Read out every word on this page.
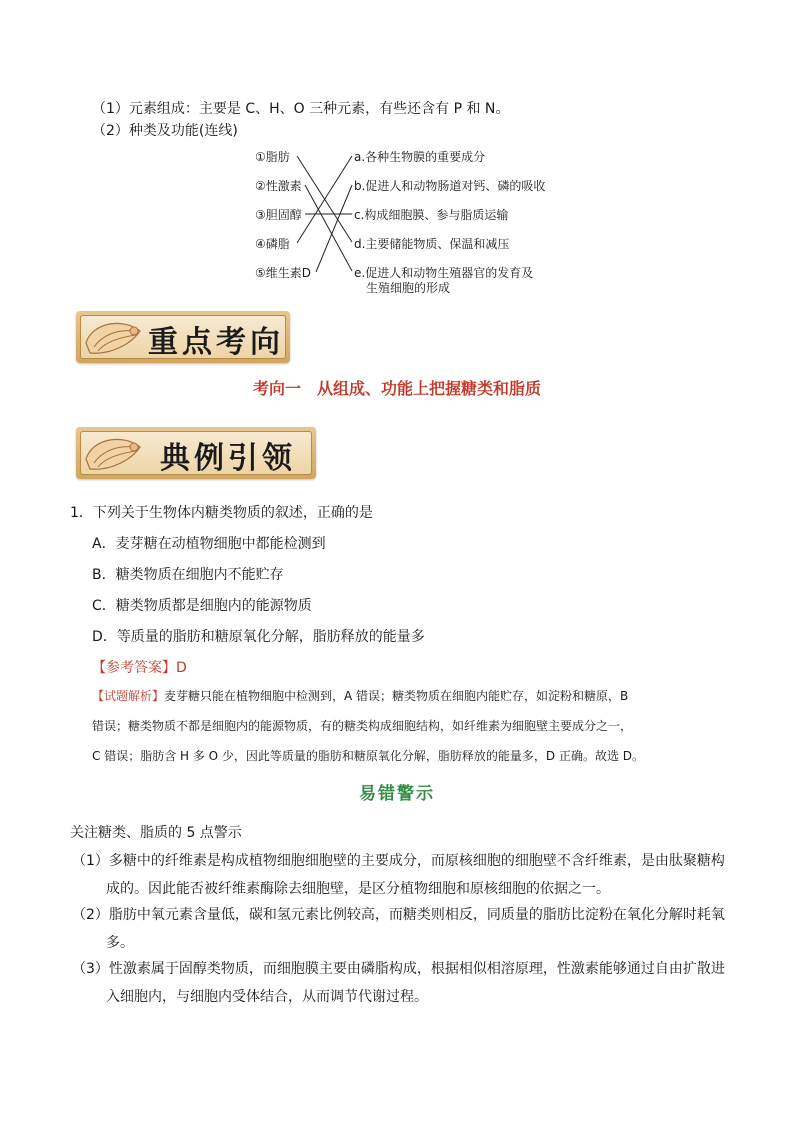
（1）元素组成：主要是 C、H、O 三种元素，有些还含有 P 和 N。
（2）种类及功能(连线)
①脂肪
②性激素
③胆固醇
④磷脂
⑤维生素D
a.各种生物膜的重要成分
b.促进人和动物肠道对钙、磷的吸收
c.构成细胞膜、参与脂质运输
d.主要储能物质、保温和减压
e.促进人和动物生殖器官的发育及
生殖细胞的形成
重点考向
考向一　从组成、功能上把握糖类和脂质
典例引领
1．下列关于生物体内糖类物质的叙述，正确的是
A．麦芽糖在动植物细胞中都能检测到
B．糖类物质在细胞内不能贮存
C．糖类物质都是细胞内的能源物质
D．等质量的脂肪和糖原氧化分解，脂肪释放的能量多
【参考答案】D
【试题解析】麦芽糖只能在植物细胞中检测到，A 错误；糖类物质在细胞内能贮存，如淀粉和糖原，B
错误；糖类物质不都是细胞内的能源物质，有的糖类构成细胞结构，如纤维素为细胞壁主要成分之一，
C 错误；脂肪含 H 多 O 少，因此等质量的脂肪和糖原氧化分解，脂肪释放的能量多，D 正确。故选 D。
易错警示
关注糖类、脂质的 5 点警示
（1）多糖中的纤维素是构成植物细胞细胞壁的主要成分，而原核细胞的细胞壁不含纤维素，是由肽聚糖构
成的。因此能否被纤维素酶除去细胞壁，是区分植物细胞和原核细胞的依据之一。
（2）脂肪中氧元素含量低，碳和氢元素比例较高，而糖类则相反，同质量的脂肪比淀粉在氧化分解时耗氧
多。
（3）性激素属于固醇类物质，而细胞膜主要由磷脂构成，根据相似相溶原理，性激素能够通过自由扩散进
入细胞内，与细胞内受体结合，从而调节代谢过程。
